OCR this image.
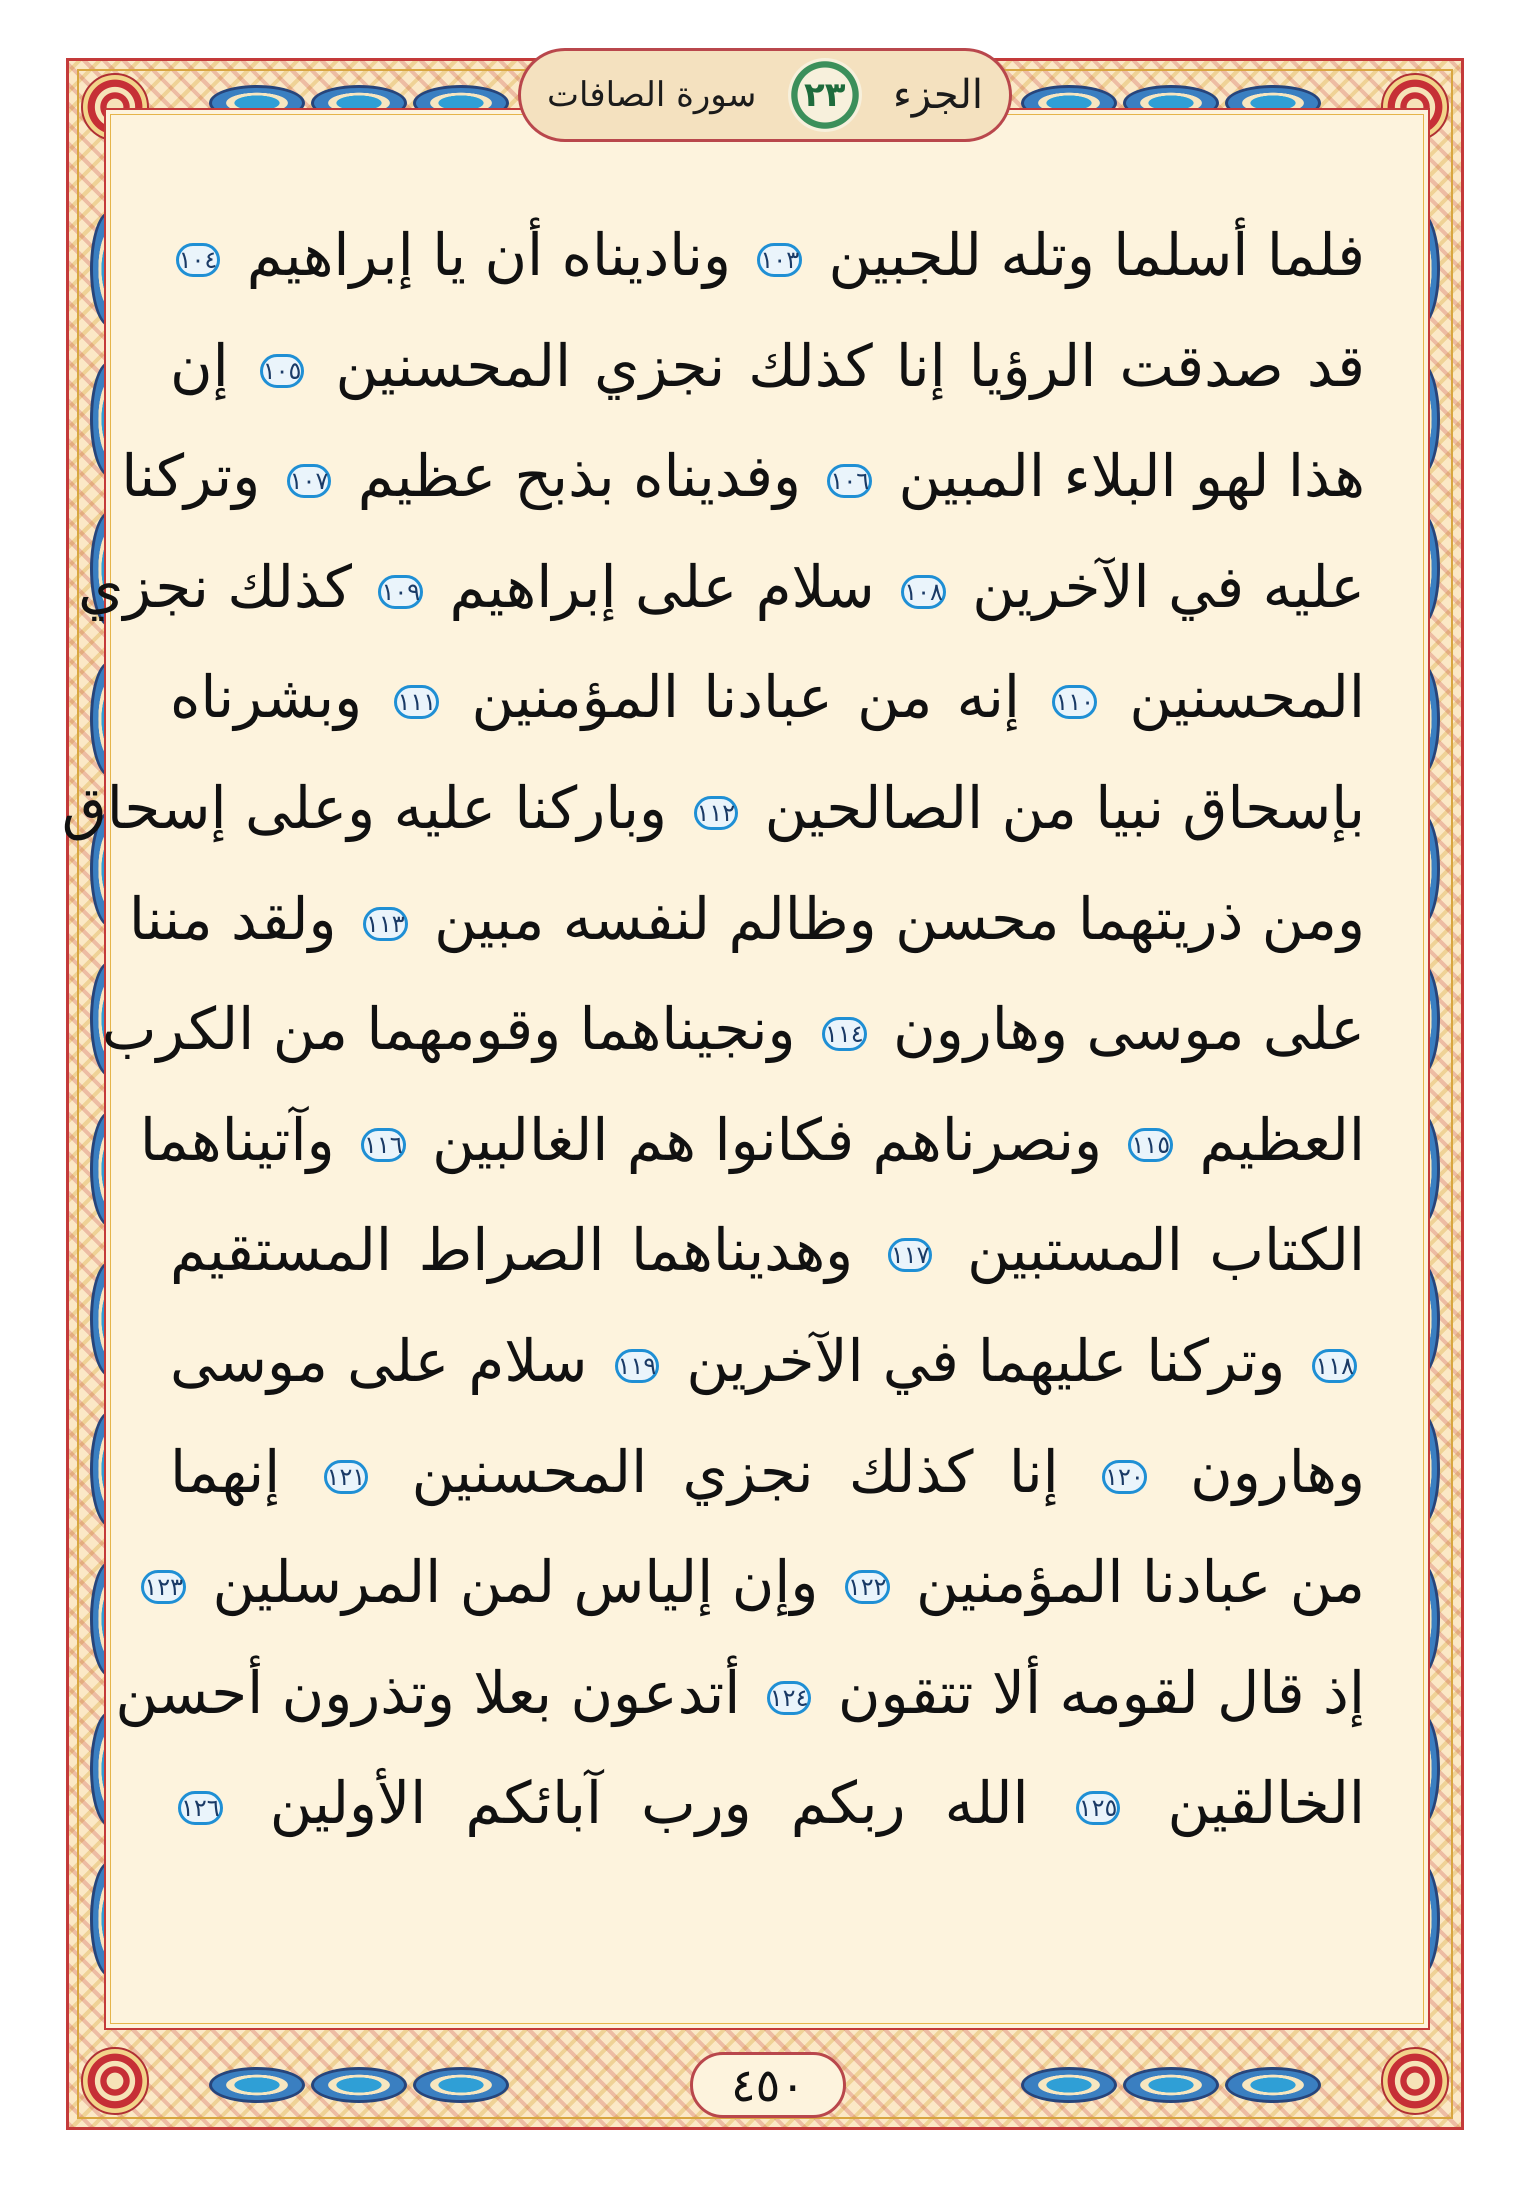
الجزء
٢٣
سورة الصافات
فلما أسلما وتله للجبين ١٠٣ وناديناه أن يا إبراهيم ١٠٤
قد صدقت الرؤيا إنا كذلك نجزي المحسنين ١٠٥ إن
هذا لهو البلاء المبين ١٠٦ وفديناه بذبح عظيم ١٠٧ وتركنا
عليه في الآخرين ١٠٨ سلام على إبراهيم ١٠٩ كذلك نجزي
المحسنين ١١٠ إنه من عبادنا المؤمنين ١١١ وبشرناه
بإسحاق نبيا من الصالحين ١١٢ وباركنا عليه وعلى إسحاق
ومن ذريتهما محسن وظالم لنفسه مبين ١١٣ ولقد مننا
على موسى وهارون ١١٤ ونجيناهما وقومهما من الكرب
العظيم ١١٥ ونصرناهم فكانوا هم الغالبين ١١٦ وآتيناهما
الكتاب المستبين ١١٧ وهديناهما الصراط المستقيم
١١٨ وتركنا عليهما في الآخرين ١١٩ سلام على موسى
وهارون ١٢٠ إنا كذلك نجزي المحسنين ١٢١ إنهما
من عبادنا المؤمنين ١٢٢ وإن إلياس لمن المرسلين ١٢٣
إذ قال لقومه ألا تتقون ١٢٤ أتدعون بعلا وتذرون أحسن
الخالقين ١٢٥ الله ربكم ورب آبائكم الأولين ١٢٦
٤٥٠
